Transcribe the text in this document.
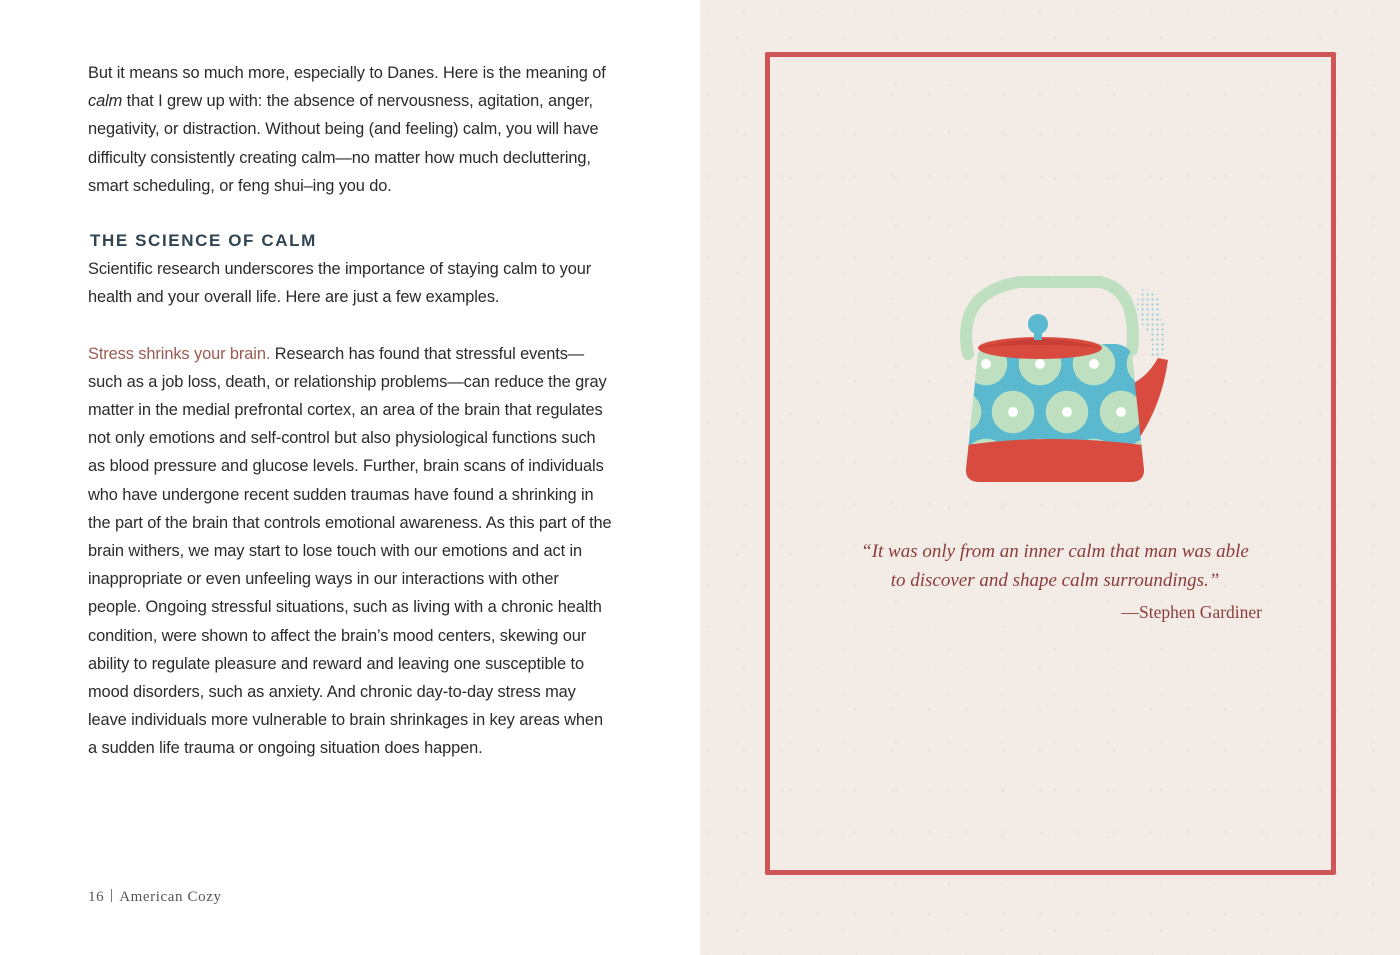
But it means so much more, especially to Danes. Here is the meaning of calm that I grew up with: the absence of nervousness, agitation, anger, negativity, or distraction. Without being (and feeling) calm, you will have difficulty consistently creating calm—no matter how much decluttering, smart scheduling, or feng shui–ing you do.

THE SCIENCE OF CALM

Scientific research underscores the importance of staying calm to your health and your overall life. Here are just a few examples.

Stress shrinks your brain. Research has found that stressful events—such as a job loss, death, or relationship problems—can reduce the gray matter in the medial prefrontal cortex, an area of the brain that regulates not only emotions and self-control but also physiological functions such as blood pressure and glucose levels. Further, brain scans of individuals who have undergone recent sudden traumas have found a shrinking in the part of the brain that controls emotional awareness. As this part of the brain withers, we may start to lose touch with our emotions and act in inappropriate or even unfeeling ways in our interactions with other people. Ongoing stressful situations, such as living with a chronic health condition, were shown to affect the brain’s mood centers, skewing our ability to regulate pleasure and reward and leaving one susceptible to mood disorders, such as anxiety. And chronic day-to-day stress may leave individuals more vulnerable to brain shrinkages in key areas when a sudden life trauma or ongoing situation does happen.

16 American Cozy
“It was only from an inner calm that man was able
to discover and shape calm surroundings.”
—Stephen Gardiner
